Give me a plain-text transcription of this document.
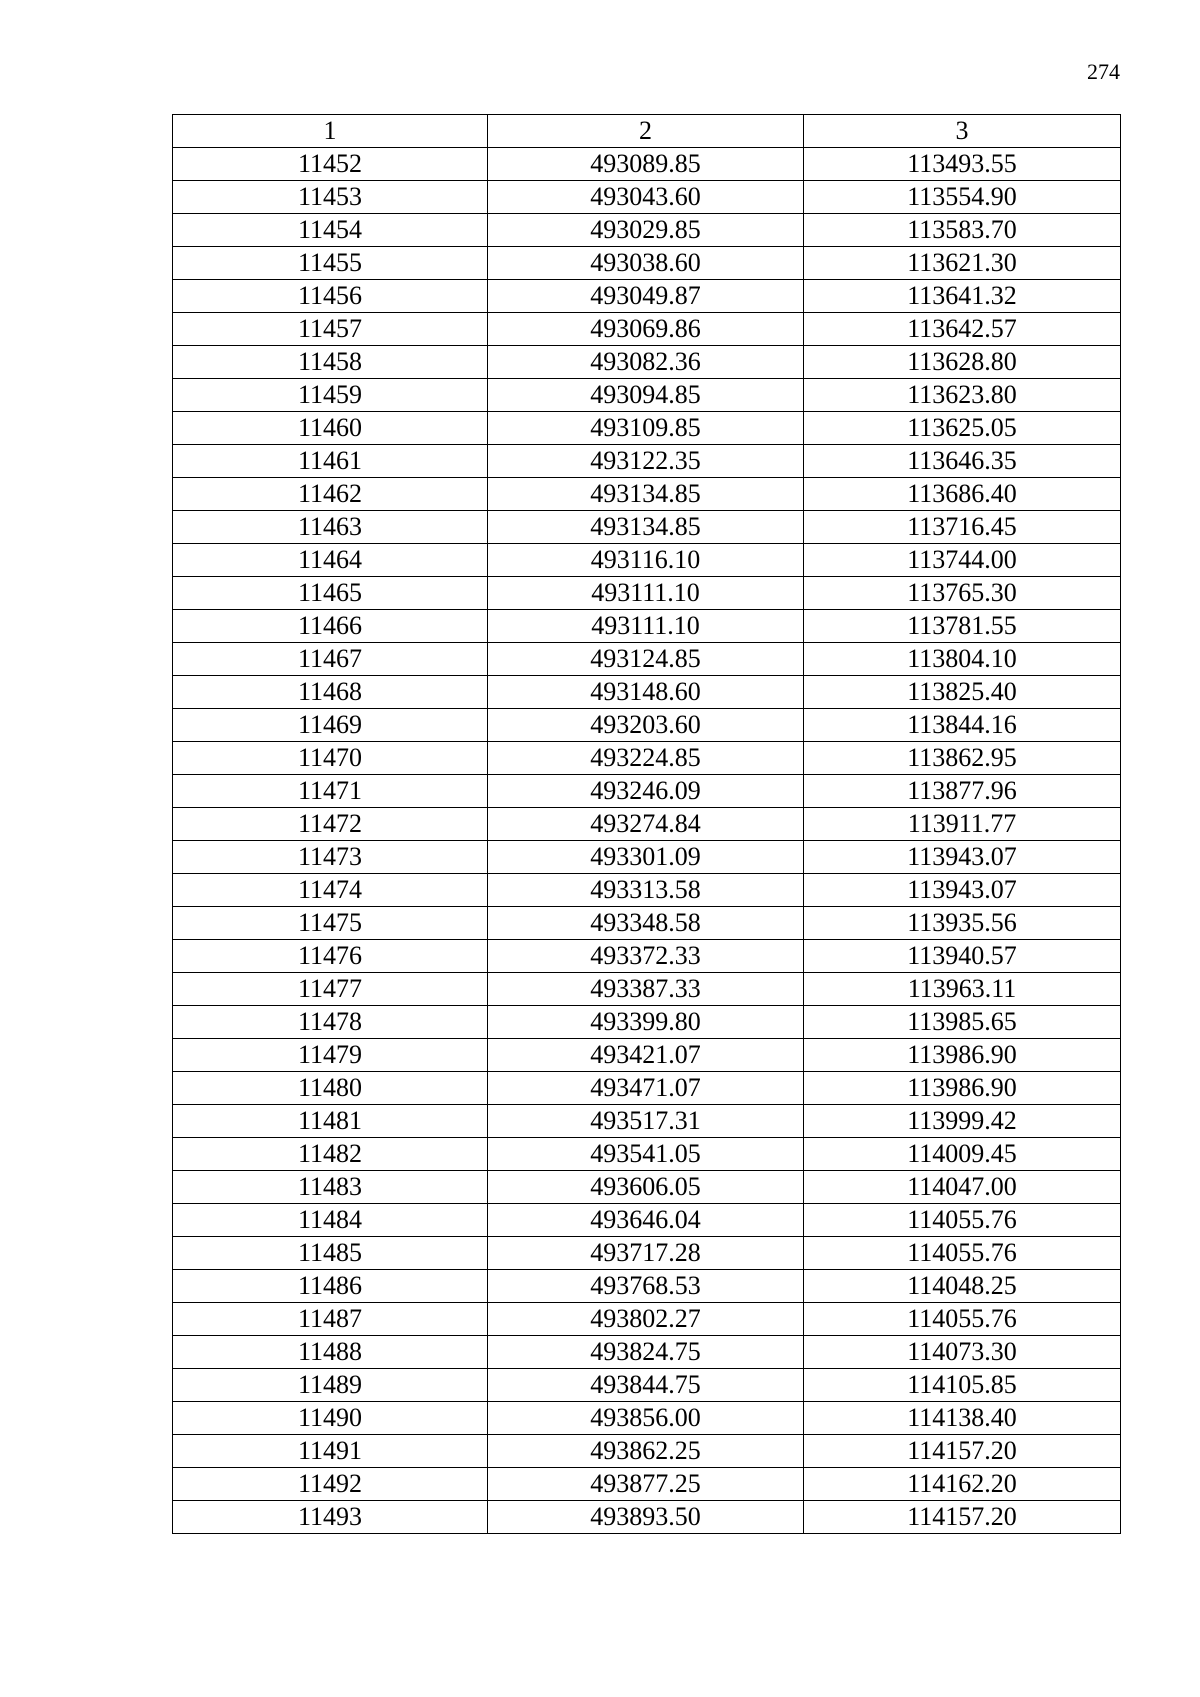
274
1	2	3
11452	493089.85	113493.55
11453	493043.60	113554.90
11454	493029.85	113583.70
11455	493038.60	113621.30
11456	493049.87	113641.32
11457	493069.86	113642.57
11458	493082.36	113628.80
11459	493094.85	113623.80
11460	493109.85	113625.05
11461	493122.35	113646.35
11462	493134.85	113686.40
11463	493134.85	113716.45
11464	493116.10	113744.00
11465	493111.10	113765.30
11466	493111.10	113781.55
11467	493124.85	113804.10
11468	493148.60	113825.40
11469	493203.60	113844.16
11470	493224.85	113862.95
11471	493246.09	113877.96
11472	493274.84	113911.77
11473	493301.09	113943.07
11474	493313.58	113943.07
11475	493348.58	113935.56
11476	493372.33	113940.57
11477	493387.33	113963.11
11478	493399.80	113985.65
11479	493421.07	113986.90
11480	493471.07	113986.90
11481	493517.31	113999.42
11482	493541.05	114009.45
11483	493606.05	114047.00
11484	493646.04	114055.76
11485	493717.28	114055.76
11486	493768.53	114048.25
11487	493802.27	114055.76
11488	493824.75	114073.30
11489	493844.75	114105.85
11490	493856.00	114138.40
11491	493862.25	114157.20
11492	493877.25	114162.20
11493	493893.50	114157.20
